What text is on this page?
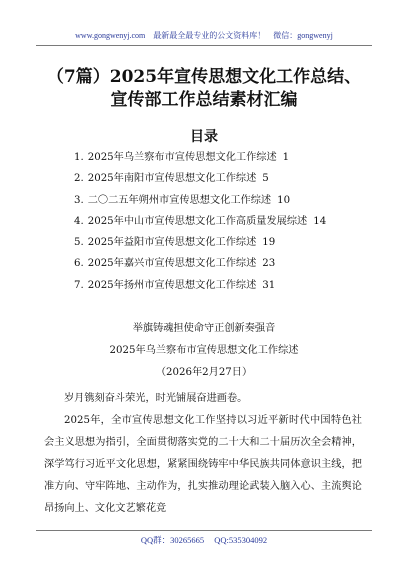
www.gongwenyj.com 最新最全最专业的公文资料库！ 微信：gongwenyj
（7篇）2025年宣传思想文化工作总结、
宣传部工作总结素材汇编
目录
1. 2025年乌兰察布市宣传思想文化工作综述 1
2. 2025年南阳市宣传思想文化工作综述 5
3. 二〇二五年朔州市宣传思想文化工作综述 10
4. 2025年中山市宣传思想文化工作高质量发展综述 14
5. 2025年益阳市宣传思想文化工作综述 19
6. 2025年嘉兴市宣传思想文化工作综述 23
7. 2025年扬州市宣传思想文化工作综述 31
举旗铸魂担使命守正创新奏强音
2025年乌兰察布市宣传思想文化工作综述
（2026年2月27日）
岁月镌刻奋斗荣光，时光铺展奋进画卷。
2025年，全市宣传思想文化工作坚持以习近平新时代中国特色社会主义思想为指引，全面贯彻落实党的二十大和二十届历次全会精神，深学笃行习近平文化思想，紧紧围绕铸牢中华民族共同体意识主线，把准方向、守牢阵地、主动作为，扎实推动理论武装入脑入心、主流舆论昂扬向上、文化文艺繁花竞
QQ群：30265665 QQ:535304092
